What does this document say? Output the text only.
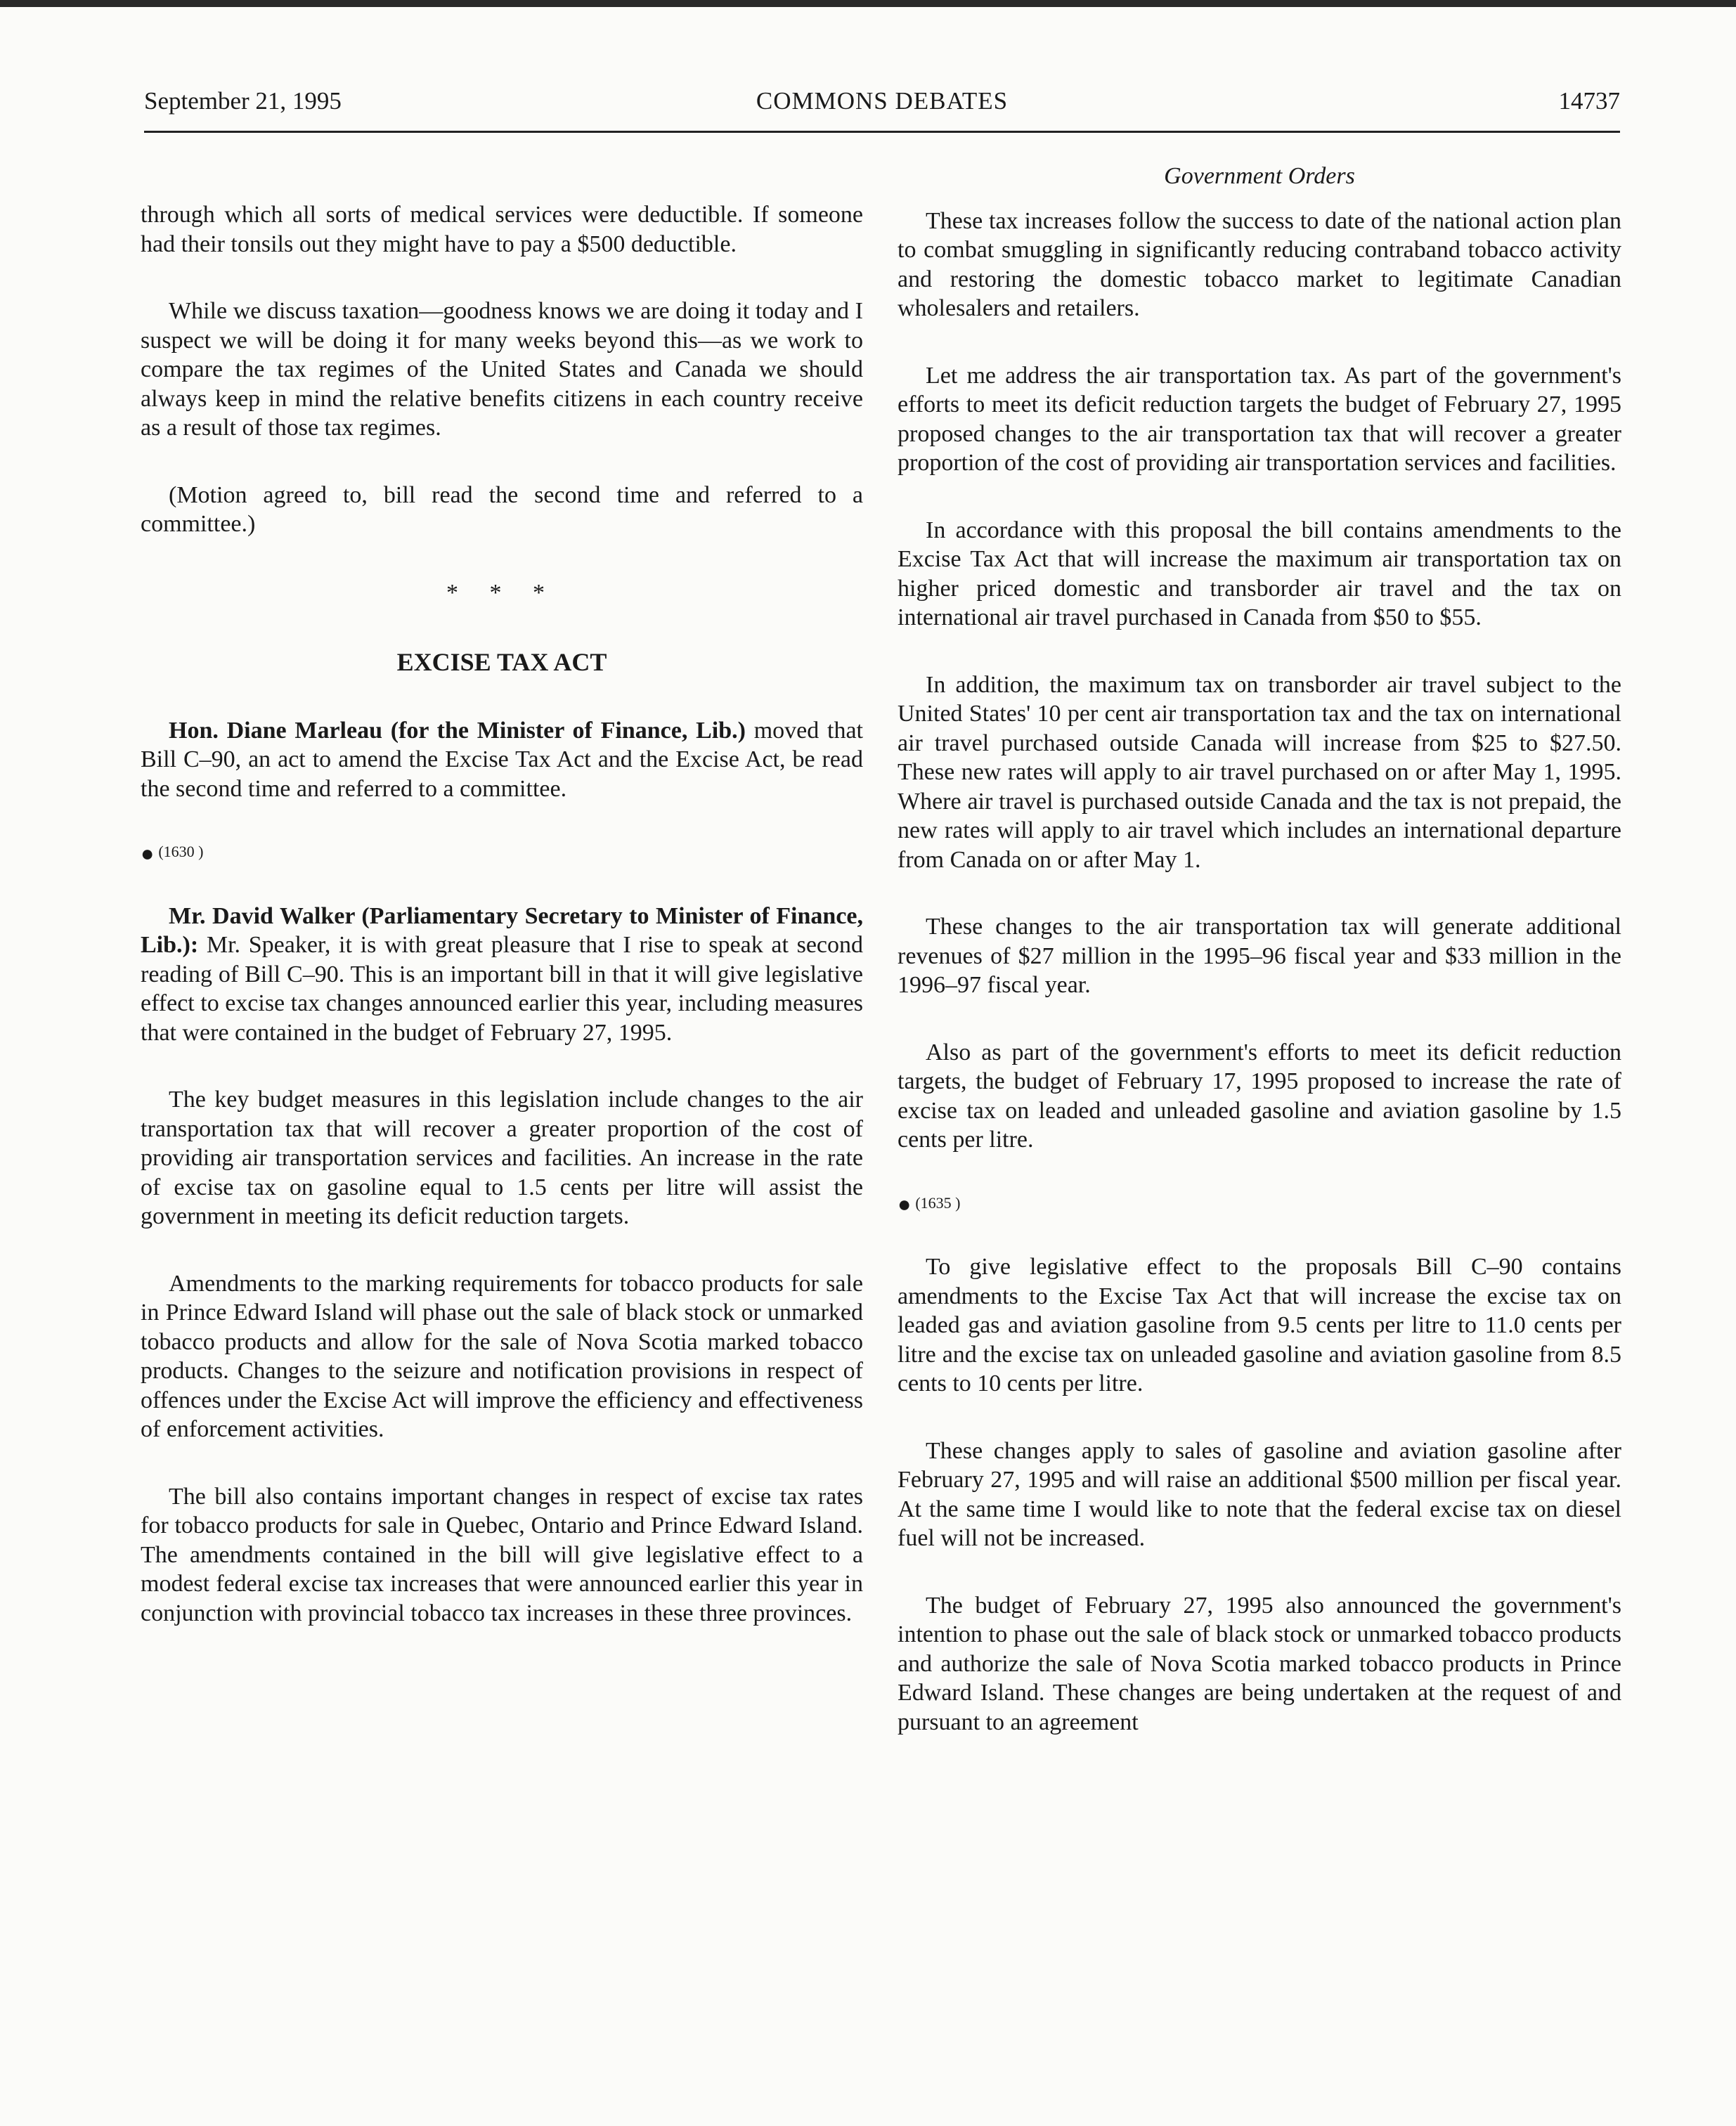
September 21, 1995	COMMONS DEBATES	14737

through which all sorts of medical services were deductible. If someone had their tonsils out they might have to pay a $500 deductible.

While we discuss taxation—goodness knows we are doing it today and I suspect we will be doing it for many weeks beyond this—as we work to compare the tax regimes of the United States and Canada we should always keep in mind the relative benefits citizens in each country receive as a result of those tax regimes.

(Motion agreed to, bill read the second time and referred to a committee.)

* * *
EXCISE TAX ACT

Hon. Diane Marleau (for the Minister of Finance, Lib.) moved that Bill C–90, an act to amend the Excise Tax Act and the Excise Act, be read the second time and referred to a committee.

● (1630 )

Mr. David Walker (Parliamentary Secretary to Minister of Finance, Lib.): Mr. Speaker, it is with great pleasure that I rise to speak at second reading of Bill C–90. This is an important bill in that it will give legislative effect to excise tax changes announced earlier this year, including measures that were contained in the budget of February 27, 1995.

The key budget measures in this legislation include changes to the air transportation tax that will recover a greater proportion of the cost of providing air transportation services and facilities. An increase in the rate of excise tax on gasoline equal to 1.5 cents per litre will assist the government in meeting its deficit reduction targets.

Amendments to the marking requirements for tobacco products for sale in Prince Edward Island will phase out the sale of black stock or unmarked tobacco products and allow for the sale of Nova Scotia marked tobacco products. Changes to the seizure and notification provisions in respect of offences under the Excise Act will improve the efficiency and effectiveness of enforcement activities.

The bill also contains important changes in respect of excise tax rates for tobacco products for sale in Quebec, Ontario and Prince Edward Island. The amendments contained in the bill will give legislative effect to a modest federal excise tax increases that were announced earlier this year in conjunction with provincial tobacco tax increases in these three provinces.

Government Orders

These tax increases follow the success to date of the national action plan to combat smuggling in significantly reducing contraband tobacco activity and restoring the domestic tobacco market to legitimate Canadian wholesalers and retailers.

Let me address the air transportation tax. As part of the government's efforts to meet its deficit reduction targets the budget of February 27, 1995 proposed changes to the air transportation tax that will recover a greater proportion of the cost of providing air transportation services and facilities.

In accordance with this proposal the bill contains amendments to the Excise Tax Act that will increase the maximum air transportation tax on higher priced domestic and transborder air travel and the tax on international air travel purchased in Canada from $50 to $55.

In addition, the maximum tax on transborder air travel subject to the United States' 10 per cent air transportation tax and the tax on international air travel purchased outside Canada will increase from $25 to $27.50. These new rates will apply to air travel purchased on or after May 1, 1995. Where air travel is purchased outside Canada and the tax is not prepaid, the new rates will apply to air travel which includes an international departure from Canada on or after May 1.

These changes to the air transportation tax will generate additional revenues of $27 million in the 1995–96 fiscal year and $33 million in the 1996–97 fiscal year.

Also as part of the government's efforts to meet its deficit reduction targets, the budget of February 17, 1995 proposed to increase the rate of excise tax on leaded and unleaded gasoline and aviation gasoline by 1.5 cents per litre.

● (1635 )

To give legislative effect to the proposals Bill C–90 contains amendments to the Excise Tax Act that will increase the excise tax on leaded gas and aviation gasoline from 9.5 cents per litre to 11.0 cents per litre and the excise tax on unleaded gasoline and aviation gasoline from 8.5 cents to 10 cents per litre.

These changes apply to sales of gasoline and aviation gasoline after February 27, 1995 and will raise an additional $500 million per fiscal year. At the same time I would like to note that the federal excise tax on diesel fuel will not be increased.

The budget of February 27, 1995 also announced the government's intention to phase out the sale of black stock or unmarked tobacco products and authorize the sale of Nova Scotia marked tobacco products in Prince Edward Island. These changes are being undertaken at the request of and pursuant to an agreement
